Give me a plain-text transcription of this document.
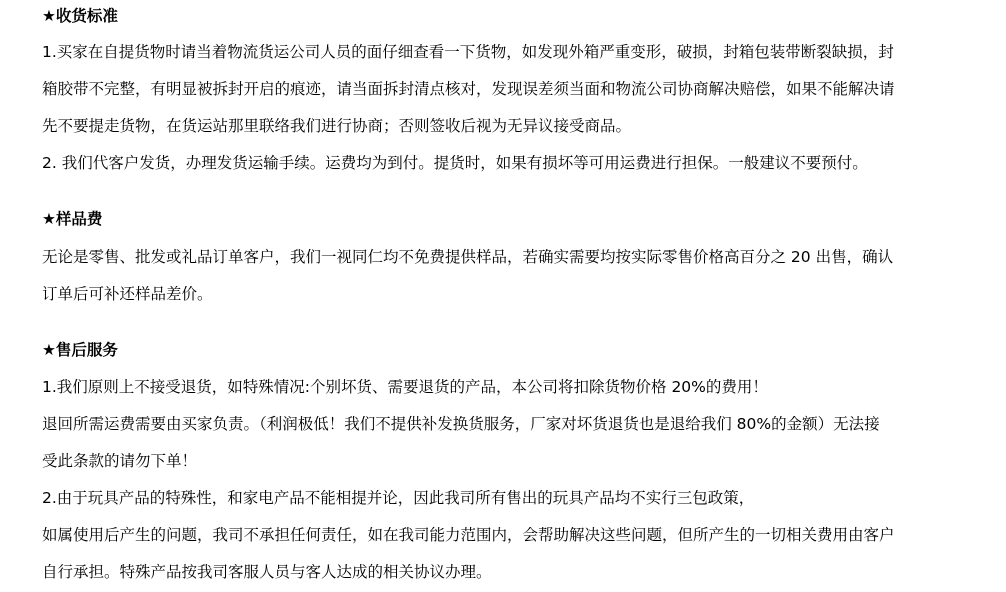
★收货标准
1.买家在自提货物时请当着物流货运公司人员的面仔细查看一下货物，如发现外箱严重变形，破损，封箱包装带断裂缺损，封
箱胶带不完整，有明显被拆封开启的痕迹，请当面拆封清点核对，发现误差须当面和物流公司协商解决赔偿，如果不能解决请
先不要提走货物，在货运站那里联络我们进行协商；否则签收后视为无异议接受商品。
2. 我们代客户发货，办理发货运输手续。运费均为到付。提货时，如果有损坏等可用运费进行担保。一般建议不要预付。
★样品费
无论是零售、批发或礼品订单客户，我们一视同仁均不免费提供样品，若确实需要均按实际零售价格高百分之 20 出售，确认
订单后可补还样品差价。
★售后服务
1.我们原则上不接受退货，如特殊情况:个别坏货、需要退货的产品，本公司将扣除货物价格 20%的费用！
退回所需运费需要由买家负责。（利润极低！我们不提供补发换货服务，厂家对坏货退货也是退给我们 80%的金额）无法接
受此条款的请勿下单！
2.由于玩具产品的特殊性，和家电产品不能相提并论，因此我司所有售出的玩具产品均不实行三包政策，
如属使用后产生的问题，我司不承担任何责任，如在我司能力范围内，会帮助解决这些问题，但所产生的一切相关费用由客户
自行承担。特殊产品按我司客服人员与客人达成的相关协议办理。
